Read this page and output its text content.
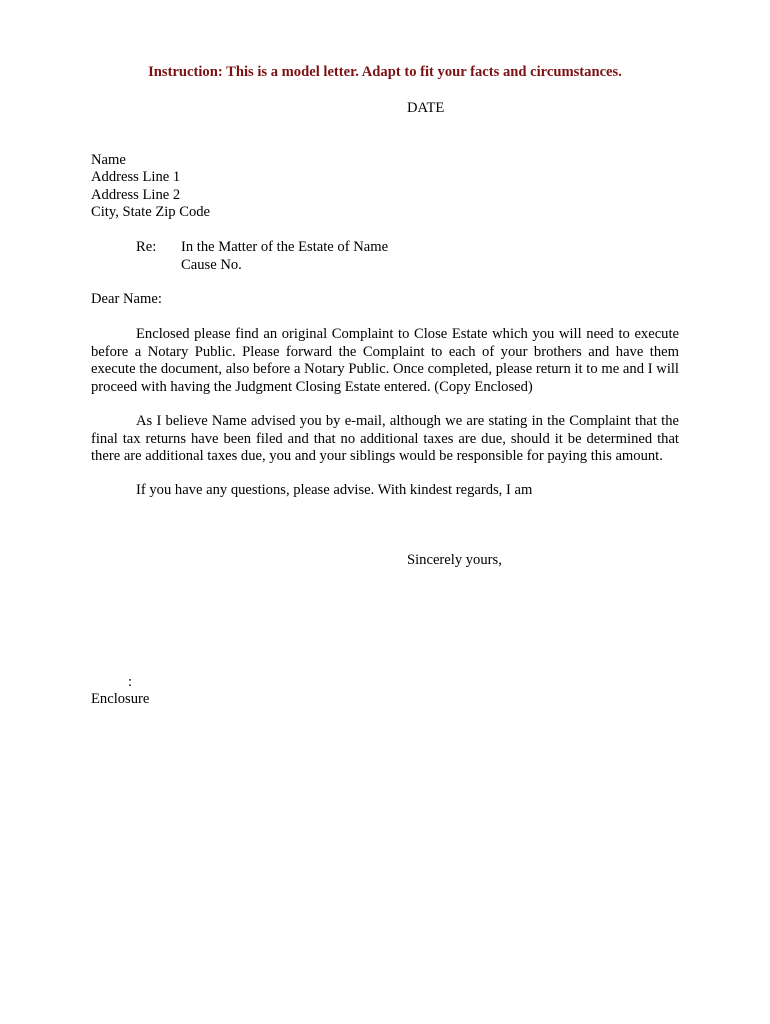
Instruction: This is a model letter. Adapt to fit your facts and circumstances.
DATE
Name
Address Line 1
Address Line 2
City, State Zip Code
Re: In the Matter of the Estate of Name
Cause No.
Dear Name:

Enclosed please find an original Complaint to Close Estate which you will need to execute before a Notary Public. Please forward the Complaint to each of your brothers and have them execute the document, also before a Notary Public. Once completed, please return it to me and I will proceed with having the Judgment Closing Estate entered. (Copy Enclosed)

As I believe Name advised you by e-mail, although we are stating in the Complaint that the final tax returns have been filed and that no additional taxes are due, should it be determined that there are additional taxes due, you and your siblings would be responsible for paying this amount.

If you have any questions, please advise. With kindest regards, I am

Sincerely yours,
:
Enclosure
